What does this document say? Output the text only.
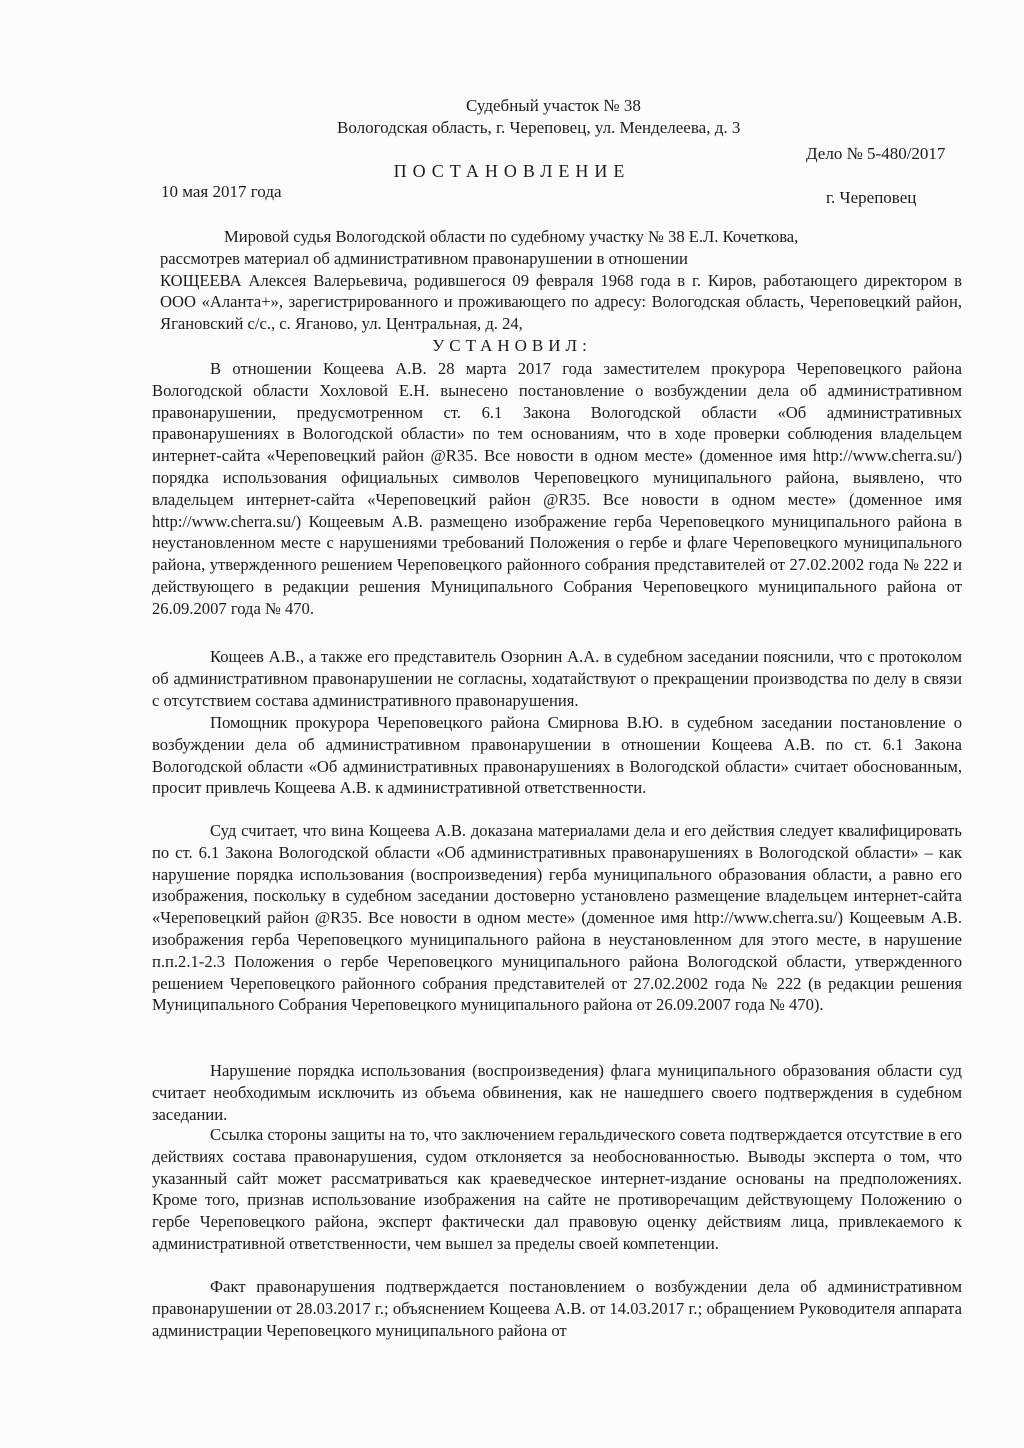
Судебный участок № 38
Вологодская область, г. Череповец, ул. Менделеева, д. 3
Дело № 5-480/2017
ПОСТАНОВЛЕНИЕ
10 мая 2017 года	г. Череповец

Мировой судья Вологодской области по судебному участку № 38 Е.Л. Кочеткова,

рассмотрев материал об административном правонарушении в отношении

КОЩЕЕВА Алексея Валерьевича, родившегося 09 февраля 1968 года в г. Киров, работающего директором в ООО «Аланта+», зарегистрированного и проживающего по адресу: Вологодская область, Череповецкий район, Ягановский с/с., с. Яганово, ул. Центральная, д. 24,

УСТАНОВИЛ:

В отношении Кощеева А.В. 28 марта 2017 года заместителем прокурора Череповецкого района Вологодской области Хохловой Е.Н. вынесено постановление о возбуждении дела об административном правонарушении, предусмотренном ст. 6.1 Закона Вологодской области «Об административных правонарушениях в Вологодской области» по тем основаниям, что в ходе проверки соблюдения владельцем интернет-сайта «Череповецкий район @R35. Все новости в одном месте» (доменное имя http://www.cherra.su/) порядка использования официальных символов Череповецкого муниципального района, выявлено, что владельцем интернет-сайта «Череповецкий район @R35. Все новости в одном месте» (доменное имя http://www.cherra.su/) Кощеевым А.В. размещено изображение герба Череповецкого муниципального района в неустановленном месте с нарушениями требований Положения о гербе и флаге Череповецкого муниципального района, утвержденного решением Череповецкого районного собрания представителей от 27.02.2002 года № 222 и действующего в редакции решения Муниципального Собрания Череповецкого муниципального района от 26.09.2007 года № 470.

Кощеев А.В., а также его представитель Озорнин А.А. в судебном заседании пояснили, что с протоколом об административном правонарушении не согласны, ходатайствуют о прекращении производства по делу в связи с отсутствием состава административного правонарушения.

Помощник прокурора Череповецкого района Смирнова В.Ю. в судебном заседании постановление о возбуждении дела об административном правонарушении в отношении Кощеева А.В. по ст. 6.1 Закона Вологодской области «Об административных правонарушениях в Вологодской области» считает обоснованным, просит привлечь Кощеева А.В. к административной ответственности.

Суд считает, что вина Кощеева А.В. доказана материалами дела и его действия следует квалифицировать по ст. 6.1 Закона Вологодской области «Об административных правонарушениях в Вологодской области» – как нарушение порядка использования (воспроизведения) герба муниципального образования области, а равно его изображения, поскольку в судебном заседании достоверно установлено размещение владельцем интернет-сайта «Череповецкий район @R35. Все новости в одном месте» (доменное имя http://www.cherra.su/) Кощеевым А.В. изображения герба Череповецкого муниципального района в неустановленном для этого месте, в нарушение п.п.2.1-2.3 Положения о гербе Череповецкого муниципального района Вологодской области, утвержденного решением Череповецкого районного собрания представителей от 27.02.2002 года № 222 (в редакции решения Муниципального Собрания Череповецкого муниципального района от 26.09.2007 года № 470).

Нарушение порядка использования (воспроизведения) флага муниципального образования области суд считает необходимым исключить из объема обвинения, как не нашедшего своего подтверждения в судебном заседании.

Ссылка стороны защиты на то, что заключением геральдического совета подтверждается отсутствие в его действиях состава правонарушения, судом отклоняется за необоснованностью. Выводы эксперта о том, что указанный сайт может рассматриваться как краеведческое интернет-издание основаны на предположениях. Кроме того, признав использование изображения на сайте не противоречащим действующему Положению о гербе Череповецкого района, эксперт фактически дал правовую оценку действиям лица, привлекаемого к административной ответственности, чем вышел за пределы своей компетенции.

Факт правонарушения подтверждается постановлением о возбуждении дела об административном правонарушении от 28.03.2017 г.; объяснением Кощеева А.В. от 14.03.2017 г.; обращением Руководителя аппарата администрации Череповецкого муниципального района от
